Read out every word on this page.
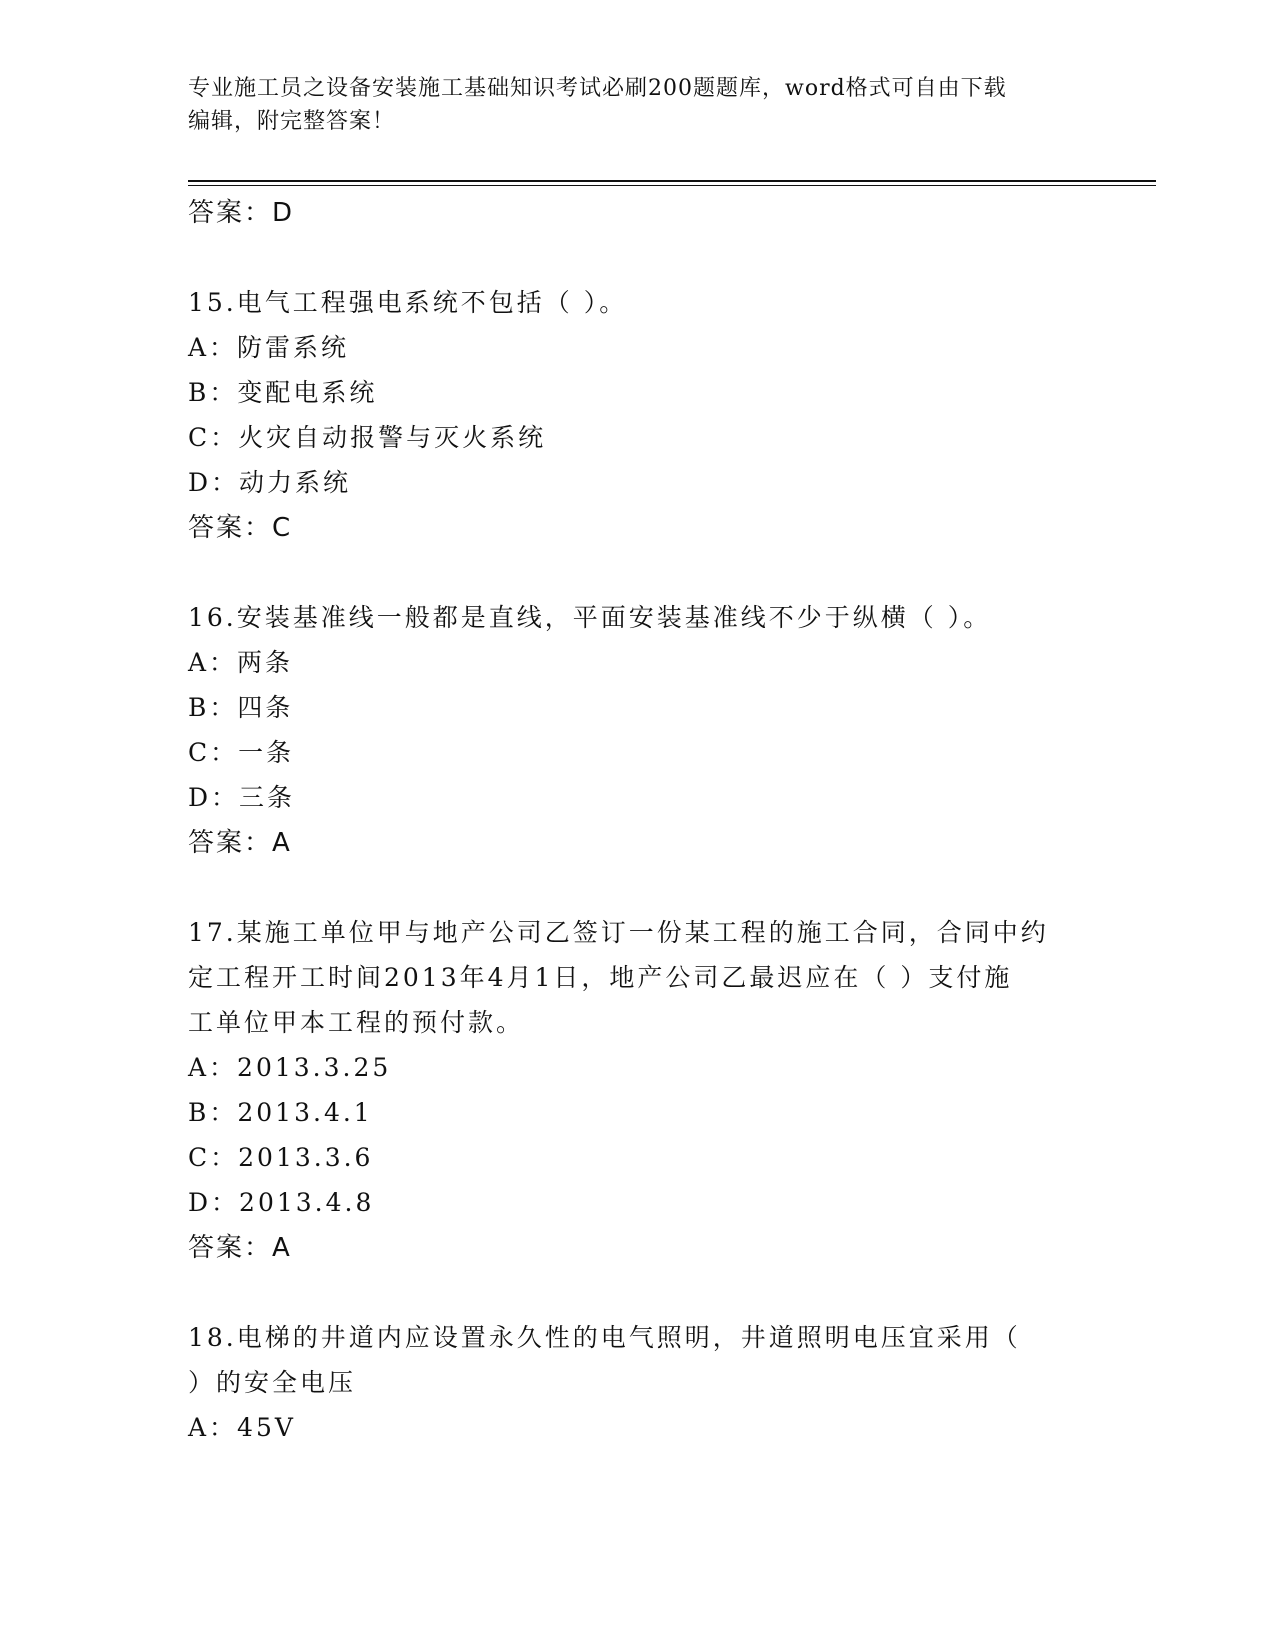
专业施工员之设备安装施工基础知识考试必刷200题题库，word格式可自由下载
编辑，附完整答案！
答案：D
15.电气工程强电系统不包括（ ）。
A：防雷系统
B：变配电系统
C：火灾自动报警与灭火系统
D：动力系统
答案：C
16.安装基准线一般都是直线，平面安装基准线不少于纵横（ ）。
A：两条
B：四条
C：一条
D：三条
答案：A
17.某施工单位甲与地产公司乙签订一份某工程的施工合同，合同中约
定工程开工时间2013年4月1日，地产公司乙最迟应在（ ）支付施
工单位甲本工程的预付款。
A：2013.3.25
B：2013.4.1
C：2013.3.6
D：2013.4.8
答案：A
18.电梯的井道内应设置永久性的电气照明，井道照明电压宜采用（
）的安全电压
A：45V
